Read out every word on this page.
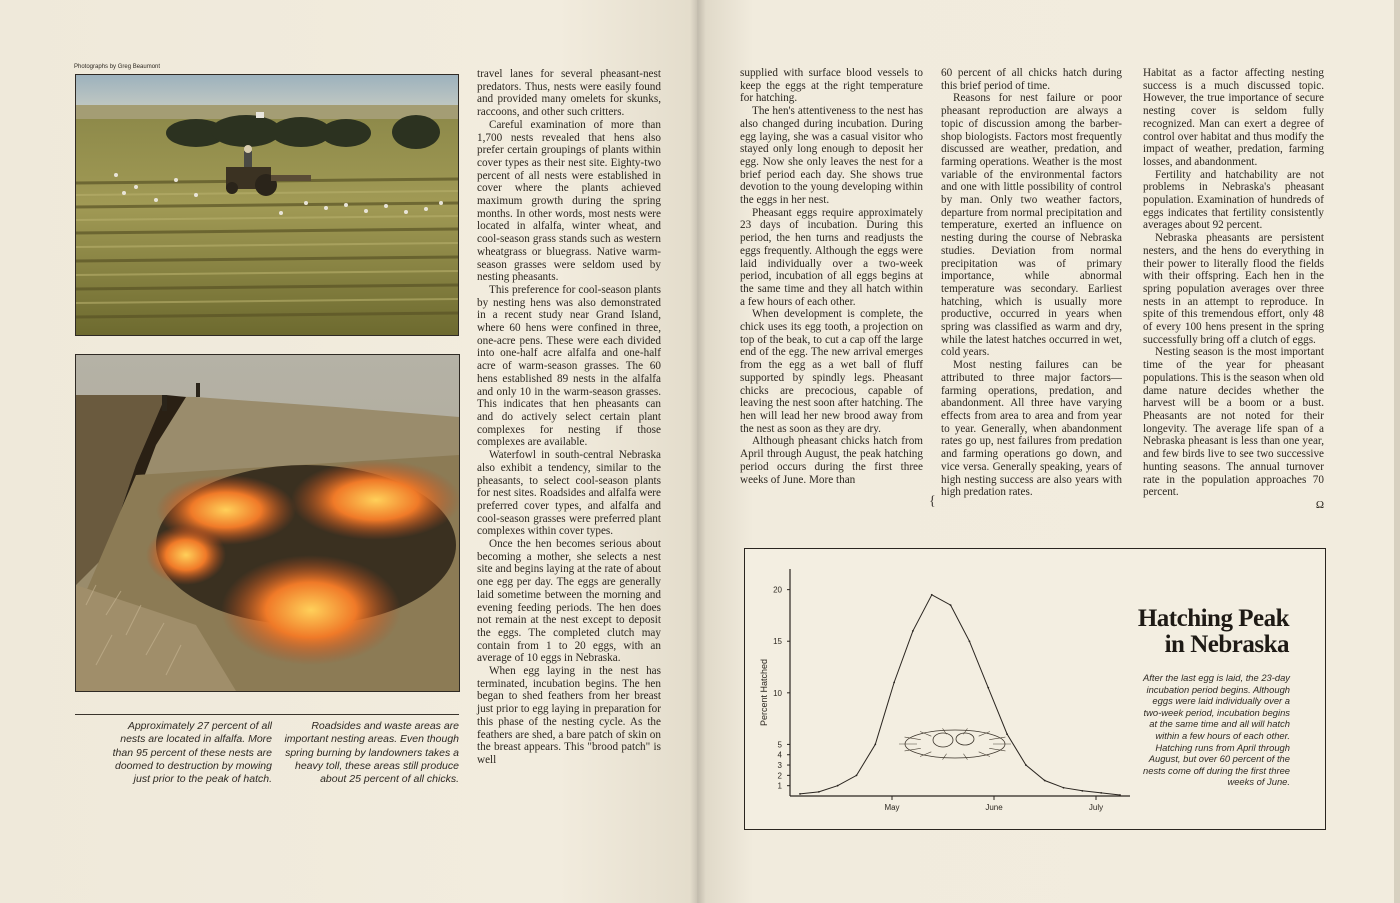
Photographs by Greg Beaumont
Approximately 27 percent of all nests are located in alfalfa. More than 95 percent of these nests are doomed to destruction by mowing just prior to the peak of hatch.
Roadsides and waste areas are important nesting areas. Even though spring burning by landowners takes a heavy toll, these areas still produce about 25 percent of all chicks.

travel lanes for several pheasant-nest predators. Thus, nests were easily found and provided many omelets for skunks, raccoons, and other such critters.

Careful examination of more than 1,700 nests revealed that hens also prefer certain groupings of plants within cover types as their nest site. Eighty-two percent of all nests were established in cover where the plants achieved maximum growth during the spring months. In other words, most nests were located in alfalfa, winter wheat, and cool-season grass stands such as western wheatgrass or bluegrass. Native warm-season grasses were seldom used by nesting pheasants.

This preference for cool-season plants by nesting hens was also demonstrated in a recent study near Grand Island, where 60 hens were confined in three, one-acre pens. These were each divided into one-half acre alfalfa and one-half acre of warm-season grasses. The 60 hens established 89 nests in the alfalfa and only 10 in the warm-season grasses. This indicates that hen pheasants can and do actively select certain plant complexes for nesting if those complexes are available.

Waterfowl in south-central Nebraska also exhibit a tendency, similar to the pheasants, to select cool-season plants for nest sites. Roadsides and alfalfa were preferred cover types, and alfalfa and cool-season grasses were preferred plant complexes within cover types.

Once the hen becomes serious about becoming a mother, she selects a nest site and begins laying at the rate of about one egg per day. The eggs are generally laid sometime between the morning and evening feeding periods. The hen does not remain at the nest except to deposit the eggs. The completed clutch may contain from 1 to 20 eggs, with an average of 10 eggs in Nebraska.

When egg laying in the nest has terminated, incubation begins. The hen began to shed feathers from her breast just prior to egg laying in preparation for this phase of the nesting cycle. As the feathers are shed, a bare patch of skin on the breast appears. This "brood patch" is well

supplied with surface blood vessels to keep the eggs at the right temperature for hatching.

The hen's attentiveness to the nest has also changed during incubation. During egg laying, she was a casual visitor who stayed only long enough to deposit her egg. Now she only leaves the nest for a brief period each day. She shows true devotion to the young developing within the eggs in her nest.

Pheasant eggs require approximately 23 days of incubation. During this period, the hen turns and readjusts the eggs frequently. Although the eggs were laid individually over a two-week period, incubation of all eggs begins at the same time and they all hatch within a few hours of each other.

When development is complete, the chick uses its egg tooth, a projection on top of the beak, to cut a cap off the large end of the egg. The new arrival emerges from the egg as a wet ball of fluff supported by spindly legs. Pheasant chicks are precocious, capable of leaving the nest soon after hatching. The hen will lead her new brood away from the nest as soon as they are dry.

Although pheasant chicks hatch from April through August, the peak hatching period occurs during the first three weeks of June. More than

60 percent of all chicks hatch during this brief period of time.

Reasons for nest failure or poor pheasant reproduction are always a topic of discussion among the barber-shop biologists. Factors most frequently discussed are weather, predation, and farming operations. Weather is the most variable of the environmental factors and one with little possibility of control by man. Only two weather factors, departure from normal precipitation and temperature, exerted an influence on nesting during the course of Nebraska studies. Deviation from normal precipitation was of primary importance, while abnormal temperature was secondary. Earliest hatching, which is usually more productive, occurred in years when spring was classified as warm and dry, while the latest hatches occurred in wet, cold years.

Most nesting failures can be attributed to three major factors—farming operations, predation, and abandonment. All three have varying effects from area to area and from year to year. Generally, when abandonment rates go up, nest failures from predation and farming operations go down, and vice versa. Generally speaking, years of high nesting success are also years with high predation rates.

Habitat as a factor affecting nesting success is a much discussed topic. However, the true importance of secure nesting cover is seldom fully recognized. Man can exert a degree of control over habitat and thus modify the impact of weather, predation, farming losses, and abandonment.

Fertility and hatchability are not problems in Nebraska's pheasant population. Examination of hundreds of eggs indicates that fertility consistently averages about 92 percent.

Nebraska pheasants are persistent nesters, and the hens do everything in their power to literally flood the fields with their offspring. Each hen in the spring population averages over three nests in an attempt to reproduce. In spite of this tremendous effort, only 48 of every 100 hens present in the spring successfully bring off a clutch of eggs.

Nesting season is the most important time of the year for pheasant populations. This is the season when old dame nature decides whether the harvest will be a boom or a bust. Pheasants are not noted for their longevity. The average life span of a Nebraska pheasant is less than one year, and few birds live to see two successive hunting seasons. The annual turnover rate in the population approaches 70 percent.

Ω
{
1
2
3
4
5
10
15
20
May	June	July
Percent Hatched
Hatching Peak in Nebraska
After the last egg is laid, the 23-day incubation period begins. Although eggs were laid individually over a two-week period, incubation begins at the same time and all will hatch within a few hours of each other. Hatching runs from April through August, but over 60 percent of the nests come off during the first three weeks of June.
